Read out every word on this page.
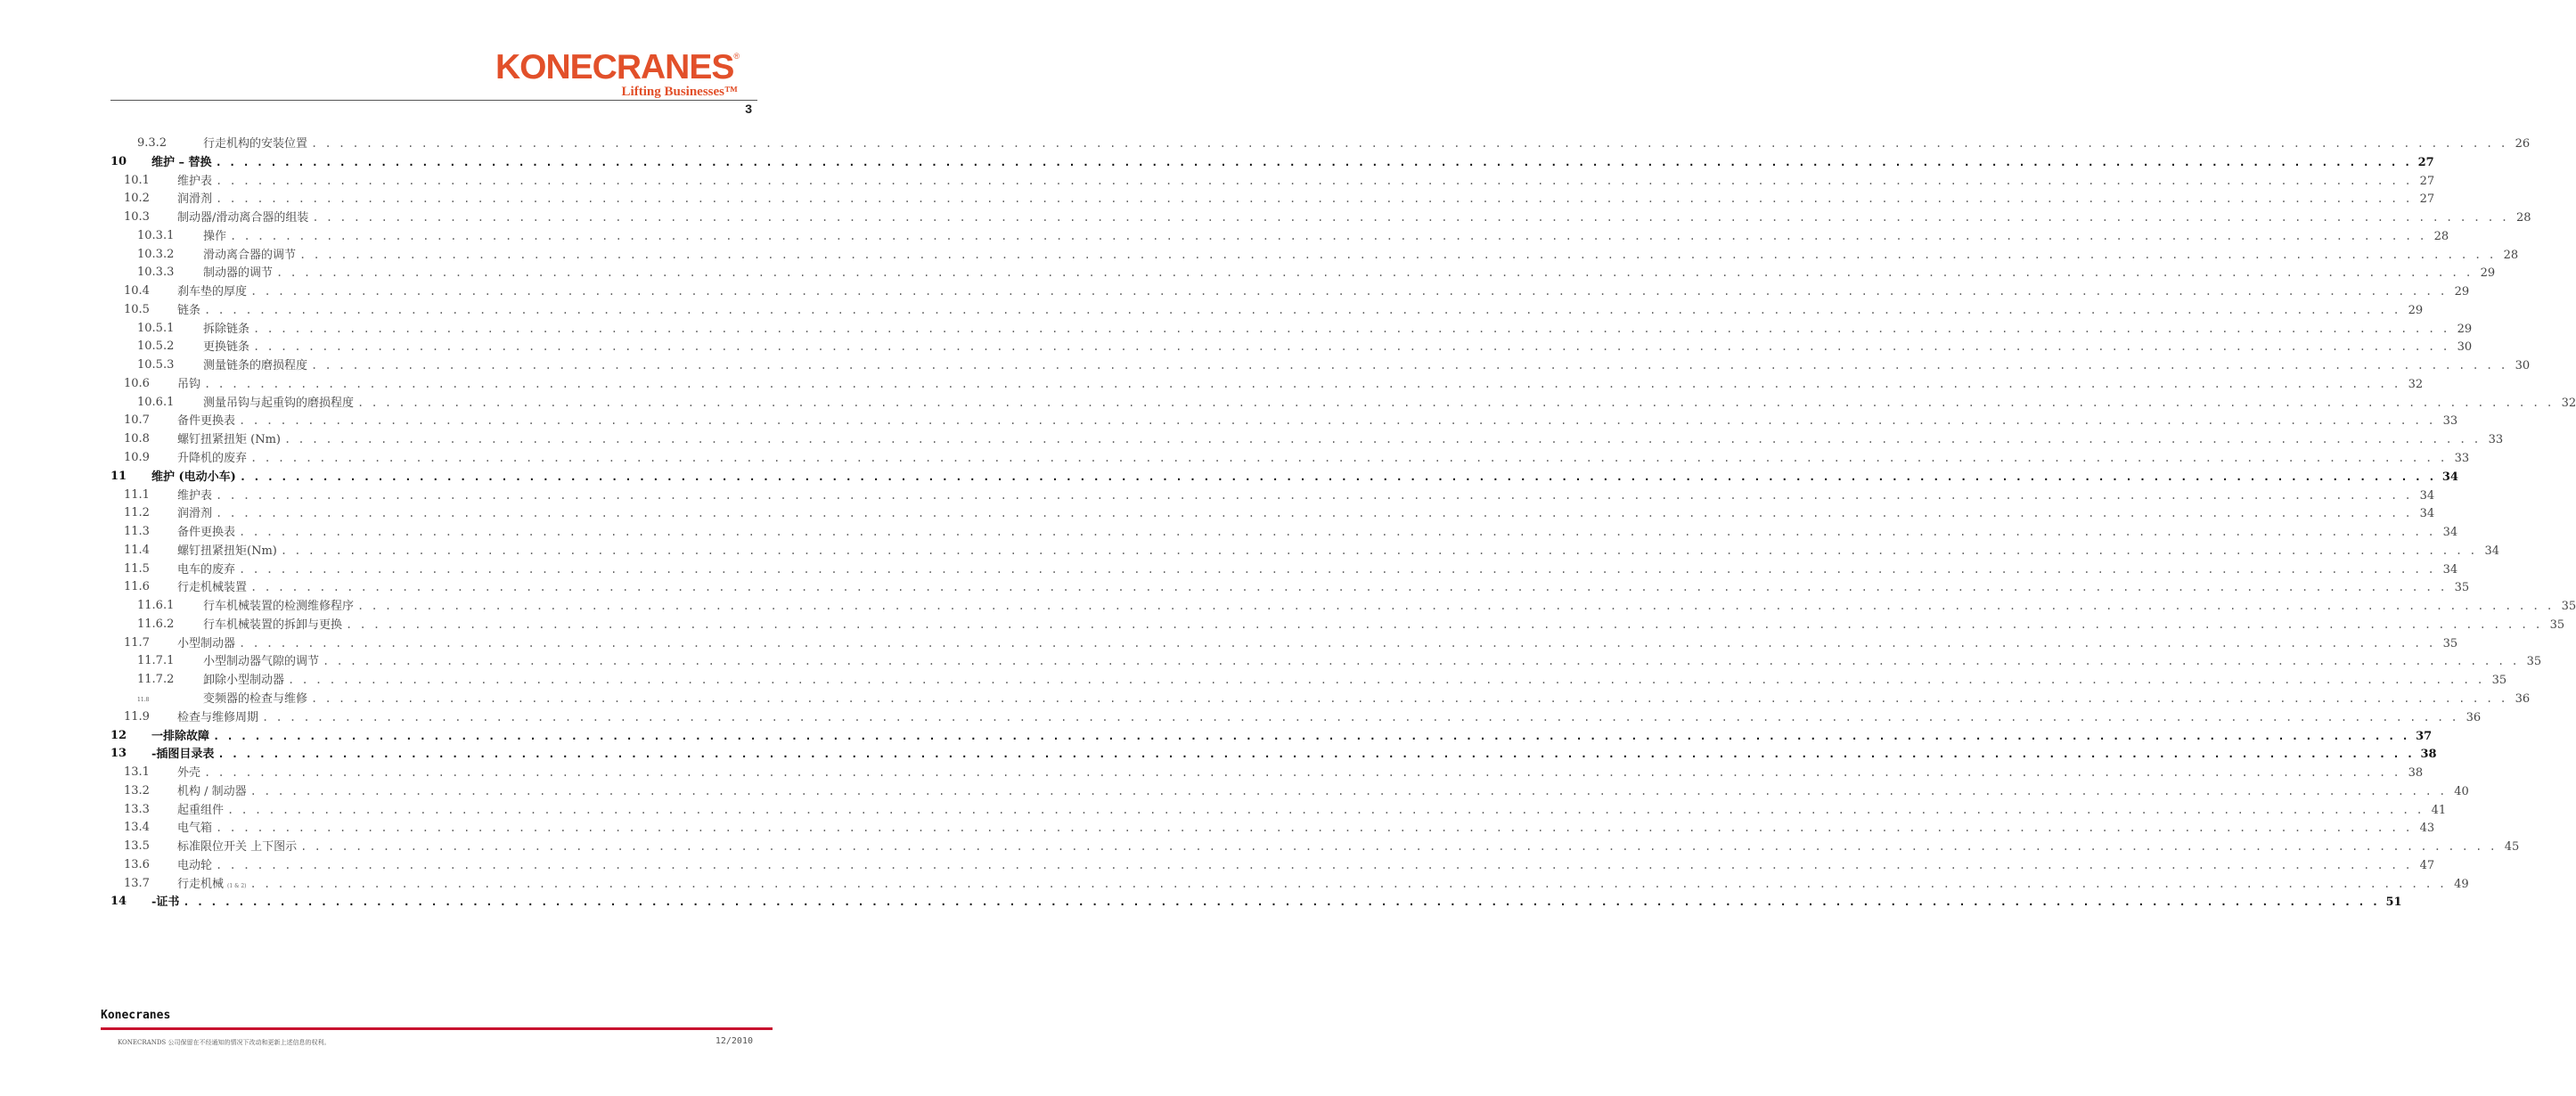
KONECRANES ®
Lifting Businesses™
3
9.3.2	行走机构的安装位置 . . . . . . . . . . . . . . . . . . . . . . . . . . . . . . . . . . . . . . . . . . . . . . . . . . . . . . . . . . . . . . . . . . . . . . . . . . . . . . . . . . . . . . . . . . . . . . . . . . . . . . . . . . . . . . . . . . . . . . . . . . . . . . . . . . . . . . . . . . . . . . . . . . . . . . . . . . . . . . . . 26
10 维护 – 替换 . . . . . . . . . . . . . . . . . . . . . . . . . . . . . . . . . . . . . . . . . . . . . . . . . . . . . . . . . . . . . . . . . . . . . . . . . . . . . . . . . . . . . . . . . . . . . . . . . . . . . . . . . . . . . . . . . . . . . . . . . . . . . . . . . . . . . . . . . . . . . . . . . . . . . . . . . . . . . . . . 27
10.1 维护表 . . . . . . . . . . . . . . . . . . . . . . . . . . . . . . . . . . . . . . . . . . . . . . . . . . . . . . . . . . . . . . . . . . . . . . . . . . . . . . . . . . . . . . . . . . . . . . . . . . . . . . . . . . . . . . . . . . . . . . . . . . . . . . . . . . . . . . . . . . . . . . . . . . . . . . . . . . . . . . . . 27
10.2 润滑剂 . . . . . . . . . . . . . . . . . . . . . . . . . . . . . . . . . . . . . . . . . . . . . . . . . . . . . . . . . . . . . . . . . . . . . . . . . . . . . . . . . . . . . . . . . . . . . . . . . . . . . . . . . . . . . . . . . . . . . . . . . . . . . . . . . . . . . . . . . . . . . . . . . . . . . . . . . . . . . . . . 27
10.3 制动器/滑动离合器的组装 . . . . . . . . . . . . . . . . . . . . . . . . . . . . . . . . . . . . . . . . . . . . . . . . . . . . . . . . . . . . . . . . . . . . . . . . . . . . . . . . . . . . . . . . . . . . . . . . . . . . . . . . . . . . . . . . . . . . . . . . . . . . . . . . . . . . . . . . . . . . . . . . . . . . . . . . . . . . . . . . 28
10.3.1	操作 . . . . . . . . . . . . . . . . . . . . . . . . . . . . . . . . . . . . . . . . . . . . . . . . . . . . . . . . . . . . . . . . . . . . . . . . . . . . . . . . . . . . . . . . . . . . . . . . . . . . . . . . . . . . . . . . . . . . . . . . . . . . . . . . . . . . . . . . . . . . . . . . . . . . . . . . . . . . . . . . 28
10.3.2	滑动离合器的调节 . . . . . . . . . . . . . . . . . . . . . . . . . . . . . . . . . . . . . . . . . . . . . . . . . . . . . . . . . . . . . . . . . . . . . . . . . . . . . . . . . . . . . . . . . . . . . . . . . . . . . . . . . . . . . . . . . . . . . . . . . . . . . . . . . . . . . . . . . . . . . . . . . . . . . . . . . . . . . . . . 28
10.3.3	制动器的调节 . . . . . . . . . . . . . . . . . . . . . . . . . . . . . . . . . . . . . . . . . . . . . . . . . . . . . . . . . . . . . . . . . . . . . . . . . . . . . . . . . . . . . . . . . . . . . . . . . . . . . . . . . . . . . . . . . . . . . . . . . . . . . . . . . . . . . . . . . . . . . . . . . . . . . . . . . . . . . . . . 29
10.4 刹车垫的厚度 . . . . . . . . . . . . . . . . . . . . . . . . . . . . . . . . . . . . . . . . . . . . . . . . . . . . . . . . . . . . . . . . . . . . . . . . . . . . . . . . . . . . . . . . . . . . . . . . . . . . . . . . . . . . . . . . . . . . . . . . . . . . . . . . . . . . . . . . . . . . . . . . . . . . . . . . . . . . . . . . 29
10.5 链条 . . . . . . . . . . . . . . . . . . . . . . . . . . . . . . . . . . . . . . . . . . . . . . . . . . . . . . . . . . . . . . . . . . . . . . . . . . . . . . . . . . . . . . . . . . . . . . . . . . . . . . . . . . . . . . . . . . . . . . . . . . . . . . . . . . . . . . . . . . . . . . . . . . . . . . . . . . . . . . . . 29
10.5.1	拆除链条 . . . . . . . . . . . . . . . . . . . . . . . . . . . . . . . . . . . . . . . . . . . . . . . . . . . . . . . . . . . . . . . . . . . . . . . . . . . . . . . . . . . . . . . . . . . . . . . . . . . . . . . . . . . . . . . . . . . . . . . . . . . . . . . . . . . . . . . . . . . . . . . . . . . . . . . . . . . . . . . . 29
10.5.2	更换链条 . . . . . . . . . . . . . . . . . . . . . . . . . . . . . . . . . . . . . . . . . . . . . . . . . . . . . . . . . . . . . . . . . . . . . . . . . . . . . . . . . . . . . . . . . . . . . . . . . . . . . . . . . . . . . . . . . . . . . . . . . . . . . . . . . . . . . . . . . . . . . . . . . . . . . . . . . . . . . . . . 30
10.5.3	测量链条的磨损程度 . . . . . . . . . . . . . . . . . . . . . . . . . . . . . . . . . . . . . . . . . . . . . . . . . . . . . . . . . . . . . . . . . . . . . . . . . . . . . . . . . . . . . . . . . . . . . . . . . . . . . . . . . . . . . . . . . . . . . . . . . . . . . . . . . . . . . . . . . . . . . . . . . . . . . . . . . . . . . . . . 30
10.6 吊钩 . . . . . . . . . . . . . . . . . . . . . . . . . . . . . . . . . . . . . . . . . . . . . . . . . . . . . . . . . . . . . . . . . . . . . . . . . . . . . . . . . . . . . . . . . . . . . . . . . . . . . . . . . . . . . . . . . . . . . . . . . . . . . . . . . . . . . . . . . . . . . . . . . . . . . . . . . . . . . . . . 32
10.6.1	测量吊钩与起重钩的磨损程度 . . . . . . . . . . . . . . . . . . . . . . . . . . . . . . . . . . . . . . . . . . . . . . . . . . . . . . . . . . . . . . . . . . . . . . . . . . . . . . . . . . . . . . . . . . . . . . . . . . . . . . . . . . . . . . . . . . . . . . . . . . . . . . . . . . . . . . . . . . . . . . . . . . . . . . . . . . . . . . . . 32
10.7 备件更换表 . . . . . . . . . . . . . . . . . . . . . . . . . . . . . . . . . . . . . . . . . . . . . . . . . . . . . . . . . . . . . . . . . . . . . . . . . . . . . . . . . . . . . . . . . . . . . . . . . . . . . . . . . . . . . . . . . . . . . . . . . . . . . . . . . . . . . . . . . . . . . . . . . . . . . . . . . . . . . . . . 33
10.8 螺钉扭紧扭矩 (Nm) . . . . . . . . . . . . . . . . . . . . . . . . . . . . . . . . . . . . . . . . . . . . . . . . . . . . . . . . . . . . . . . . . . . . . . . . . . . . . . . . . . . . . . . . . . . . . . . . . . . . . . . . . . . . . . . . . . . . . . . . . . . . . . . . . . . . . . . . . . . . . . . . . . . . . . . . . . . . . . . . 33
10.9 升降机的废弃 . . . . . . . . . . . . . . . . . . . . . . . . . . . . . . . . . . . . . . . . . . . . . . . . . . . . . . . . . . . . . . . . . . . . . . . . . . . . . . . . . . . . . . . . . . . . . . . . . . . . . . . . . . . . . . . . . . . . . . . . . . . . . . . . . . . . . . . . . . . . . . . . . . . . . . . . . . . . . . . . 33
11 维护 (电动小车) . . . . . . . . . . . . . . . . . . . . . . . . . . . . . . . . . . . . . . . . . . . . . . . . . . . . . . . . . . . . . . . . . . . . . . . . . . . . . . . . . . . . . . . . . . . . . . . . . . . . . . . . . . . . . . . . . . . . . . . . . . . . . . . . . . . . . . . . . . . . . . . . . . . . . . . . . . . . . . . . 34
11.1 维护表 . . . . . . . . . . . . . . . . . . . . . . . . . . . . . . . . . . . . . . . . . . . . . . . . . . . . . . . . . . . . . . . . . . . . . . . . . . . . . . . . . . . . . . . . . . . . . . . . . . . . . . . . . . . . . . . . . . . . . . . . . . . . . . . . . . . . . . . . . . . . . . . . . . . . . . . . . . . . . . . . 34
11.2 润滑剂 . . . . . . . . . . . . . . . . . . . . . . . . . . . . . . . . . . . . . . . . . . . . . . . . . . . . . . . . . . . . . . . . . . . . . . . . . . . . . . . . . . . . . . . . . . . . . . . . . . . . . . . . . . . . . . . . . . . . . . . . . . . . . . . . . . . . . . . . . . . . . . . . . . . . . . . . . . . . . . . . 34
11.3 备件更换表 . . . . . . . . . . . . . . . . . . . . . . . . . . . . . . . . . . . . . . . . . . . . . . . . . . . . . . . . . . . . . . . . . . . . . . . . . . . . . . . . . . . . . . . . . . . . . . . . . . . . . . . . . . . . . . . . . . . . . . . . . . . . . . . . . . . . . . . . . . . . . . . . . . . . . . . . . . . . . . . . 34
11.4 螺钉扭紧扭矩(Nm) . . . . . . . . . . . . . . . . . . . . . . . . . . . . . . . . . . . . . . . . . . . . . . . . . . . . . . . . . . . . . . . . . . . . . . . . . . . . . . . . . . . . . . . . . . . . . . . . . . . . . . . . . . . . . . . . . . . . . . . . . . . . . . . . . . . . . . . . . . . . . . . . . . . . . . . . . . . . . . . . 34
11.5 电车的废弃 . . . . . . . . . . . . . . . . . . . . . . . . . . . . . . . . . . . . . . . . . . . . . . . . . . . . . . . . . . . . . . . . . . . . . . . . . . . . . . . . . . . . . . . . . . . . . . . . . . . . . . . . . . . . . . . . . . . . . . . . . . . . . . . . . . . . . . . . . . . . . . . . . . . . . . . . . . . . . . . . 34
11.6 行走机械装置 . . . . . . . . . . . . . . . . . . . . . . . . . . . . . . . . . . . . . . . . . . . . . . . . . . . . . . . . . . . . . . . . . . . . . . . . . . . . . . . . . . . . . . . . . . . . . . . . . . . . . . . . . . . . . . . . . . . . . . . . . . . . . . . . . . . . . . . . . . . . . . . . . . . . . . . . . . . . . . . . 35
11.6.1	行车机械装置的检测维修程序 . . . . . . . . . . . . . . . . . . . . . . . . . . . . . . . . . . . . . . . . . . . . . . . . . . . . . . . . . . . . . . . . . . . . . . . . . . . . . . . . . . . . . . . . . . . . . . . . . . . . . . . . . . . . . . . . . . . . . . . . . . . . . . . . . . . . . . . . . . . . . . . . . . . . . . . . . . . . . . . . 35
11.6.2	行车机械装置的拆卸与更换 . . . . . . . . . . . . . . . . . . . . . . . . . . . . . . . . . . . . . . . . . . . . . . . . . . . . . . . . . . . . . . . . . . . . . . . . . . . . . . . . . . . . . . . . . . . . . . . . . . . . . . . . . . . . . . . . . . . . . . . . . . . . . . . . . . . . . . . . . . . . . . . . . . . . . . . . . . . . . . . . 35
11.7 小型制动器 . . . . . . . . . . . . . . . . . . . . . . . . . . . . . . . . . . . . . . . . . . . . . . . . . . . . . . . . . . . . . . . . . . . . . . . . . . . . . . . . . . . . . . . . . . . . . . . . . . . . . . . . . . . . . . . . . . . . . . . . . . . . . . . . . . . . . . . . . . . . . . . . . . . . . . . . . . . . . . . . 35
11.7.1	小型制动器气隙的调节 . . . . . . . . . . . . . . . . . . . . . . . . . . . . . . . . . . . . . . . . . . . . . . . . . . . . . . . . . . . . . . . . . . . . . . . . . . . . . . . . . . . . . . . . . . . . . . . . . . . . . . . . . . . . . . . . . . . . . . . . . . . . . . . . . . . . . . . . . . . . . . . . . . . . . . . . . . . . . . . . 35
11.7.2	卸除小型制动器 . . . . . . . . . . . . . . . . . . . . . . . . . . . . . . . . . . . . . . . . . . . . . . . . . . . . . . . . . . . . . . . . . . . . . . . . . . . . . . . . . . . . . . . . . . . . . . . . . . . . . . . . . . . . . . . . . . . . . . . . . . . . . . . . . . . . . . . . . . . . . . . . . . . . . . . . . . . . . . . . 35
11.8	变频器的检查与维修 . . . . . . . . . . . . . . . . . . . . . . . . . . . . . . . . . . . . . . . . . . . . . . . . . . . . . . . . . . . . . . . . . . . . . . . . . . . . . . . . . . . . . . . . . . . . . . . . . . . . . . . . . . . . . . . . . . . . . . . . . . . . . . . . . . . . . . . . . . . . . . . . . . . . . . . . . . . . . . . . 36
11.9 检查与维修周期 . . . . . . . . . . . . . . . . . . . . . . . . . . . . . . . . . . . . . . . . . . . . . . . . . . . . . . . . . . . . . . . . . . . . . . . . . . . . . . . . . . . . . . . . . . . . . . . . . . . . . . . . . . . . . . . . . . . . . . . . . . . . . . . . . . . . . . . . . . . . . . . . . . . . . . . . . . . . . . . . 36
12 一排除故障 . . . . . . . . . . . . . . . . . . . . . . . . . . . . . . . . . . . . . . . . . . . . . . . . . . . . . . . . . . . . . . . . . . . . . . . . . . . . . . . . . . . . . . . . . . . . . . . . . . . . . . . . . . . . . . . . . . . . . . . . . . . . . . . . . . . . . . . . . . . . . . . . . . . . . . . . . . . . . . . . 37
13 -插图目录表 . . . . . . . . . . . . . . . . . . . . . . . . . . . . . . . . . . . . . . . . . . . . . . . . . . . . . . . . . . . . . . . . . . . . . . . . . . . . . . . . . . . . . . . . . . . . . . . . . . . . . . . . . . . . . . . . . . . . . . . . . . . . . . . . . . . . . . . . . . . . . . . . . . . . . . . . . . . . . . . . 38
13.1 外壳 . . . . . . . . . . . . . . . . . . . . . . . . . . . . . . . . . . . . . . . . . . . . . . . . . . . . . . . . . . . . . . . . . . . . . . . . . . . . . . . . . . . . . . . . . . . . . . . . . . . . . . . . . . . . . . . . . . . . . . . . . . . . . . . . . . . . . . . . . . . . . . . . . . . . . . . . . . . . . . . . 38
13.2 机构 / 制动器 . . . . . . . . . . . . . . . . . . . . . . . . . . . . . . . . . . . . . . . . . . . . . . . . . . . . . . . . . . . . . . . . . . . . . . . . . . . . . . . . . . . . . . . . . . . . . . . . . . . . . . . . . . . . . . . . . . . . . . . . . . . . . . . . . . . . . . . . . . . . . . . . . . . . . . . . . . . . . . . . 40
13.3 起重组件 . . . . . . . . . . . . . . . . . . . . . . . . . . . . . . . . . . . . . . . . . . . . . . . . . . . . . . . . . . . . . . . . . . . . . . . . . . . . . . . . . . . . . . . . . . . . . . . . . . . . . . . . . . . . . . . . . . . . . . . . . . . . . . . . . . . . . . . . . . . . . . . . . . . . . . . . . . . . . . . . 41
13.4 电气箱 . . . . . . . . . . . . . . . . . . . . . . . . . . . . . . . . . . . . . . . . . . . . . . . . . . . . . . . . . . . . . . . . . . . . . . . . . . . . . . . . . . . . . . . . . . . . . . . . . . . . . . . . . . . . . . . . . . . . . . . . . . . . . . . . . . . . . . . . . . . . . . . . . . . . . . . . . . . . . . . . 43
13.5 标准限位开关 上下图示 . . . . . . . . . . . . . . . . . . . . . . . . . . . . . . . . . . . . . . . . . . . . . . . . . . . . . . . . . . . . . . . . . . . . . . . . . . . . . . . . . . . . . . . . . . . . . . . . . . . . . . . . . . . . . . . . . . . . . . . . . . . . . . . . . . . . . . . . . . . . . . . . . . . . . . . . . . . . . . . . 45
13.6 电动轮 . . . . . . . . . . . . . . . . . . . . . . . . . . . . . . . . . . . . . . . . . . . . . . . . . . . . . . . . . . . . . . . . . . . . . . . . . . . . . . . . . . . . . . . . . . . . . . . . . . . . . . . . . . . . . . . . . . . . . . . . . . . . . . . . . . . . . . . . . . . . . . . . . . . . . . . . . . . . . . . . 47
13.7 行走机械 (1 & 2) . . . . . . . . . . . . . . . . . . . . . . . . . . . . . . . . . . . . . . . . . . . . . . . . . . . . . . . . . . . . . . . . . . . . . . . . . . . . . . . . . . . . . . . . . . . . . . . . . . . . . . . . . . . . . . . . . . . . . . . . . . . . . . . . . . . . . . . . . . . . . . . . . . . . . . . . . . . . . . . . 49
14 -证书 . . . . . . . . . . . . . . . . . . . . . . . . . . . . . . . . . . . . . . . . . . . . . . . . . . . . . . . . . . . . . . . . . . . . . . . . . . . . . . . . . . . . . . . . . . . . . . . . . . . . . . . . . . . . . . . . . . . . . . . . . . . . . . . . . . . . . . . . . . . . . . . . . . . . . . . . . . . . . . . . 51
Konecranes
KONECRANDS 公司保留在不经通知的情况下改动和更新上述信息的权利。	12/2010
